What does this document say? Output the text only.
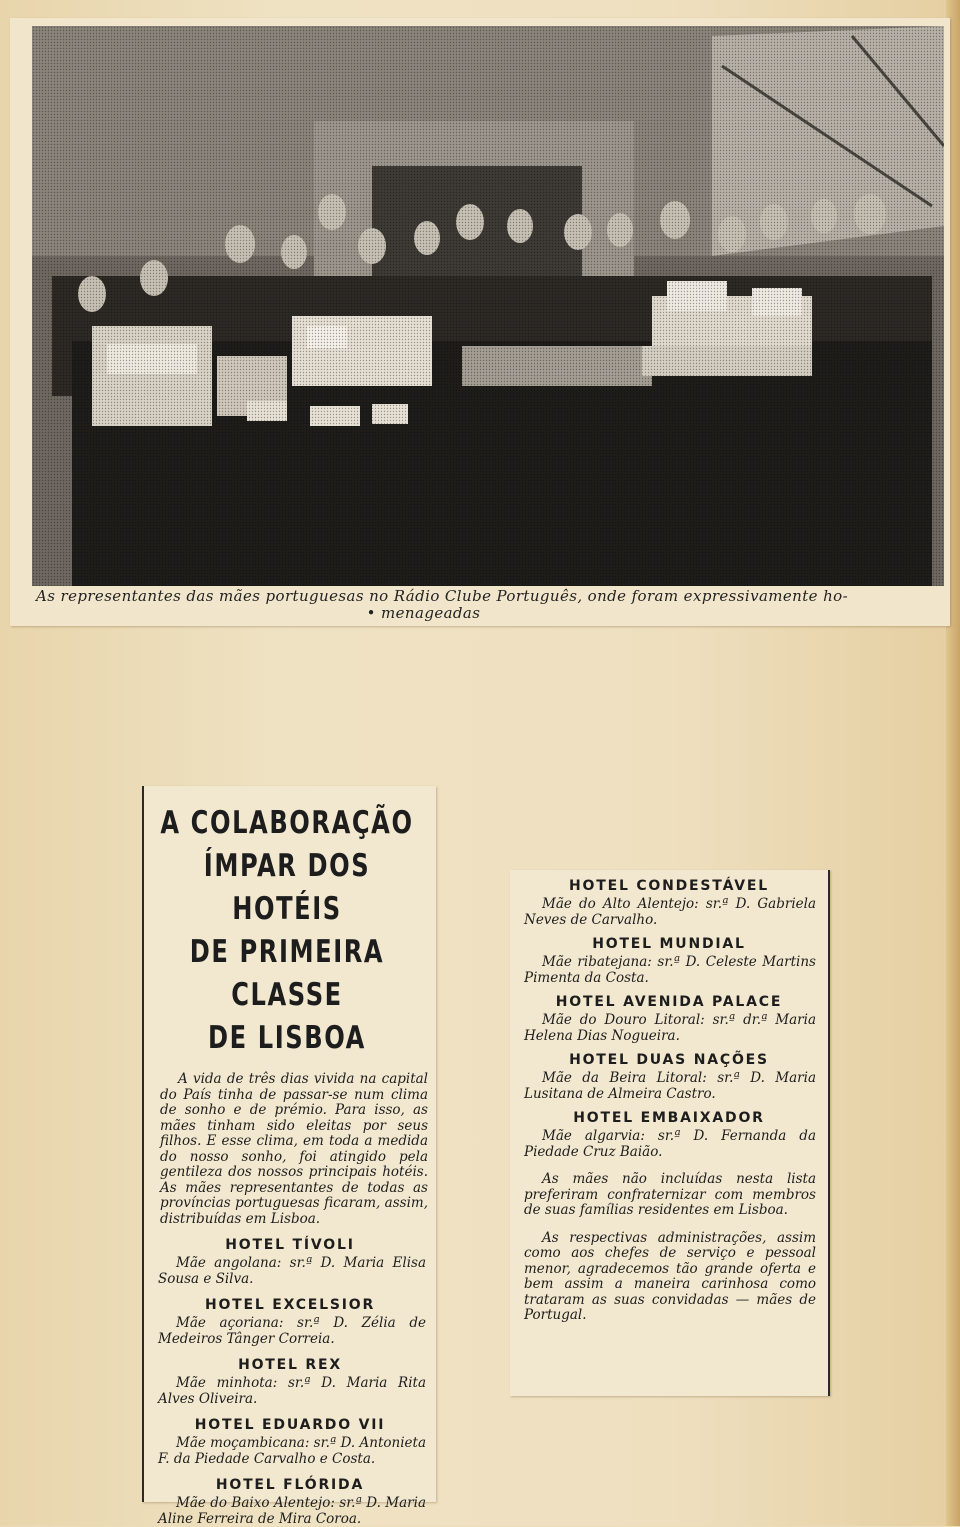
As representantes das mães portuguesas no Rádio Clube Português, onde foram expressivamente ho-
• menageadas
A COLABORAÇÃO
ÍMPAR DOS HOTÉIS
DE PRIMEIRA CLASSE
DE LISBOA
A vida de três dias vivida na capital do País tinha de passar-se num clima de sonho e de prémio. Para isso, as mães tinham sido eleitas por seus filhos. E esse clima, em toda a medida do nosso sonho, foi atingido pela gentileza dos nossos principais hotéis. As mães representantes de todas as províncias portuguesas ficaram, assim, distribuídas em Lisboa.
HOTEL TÍVOLI
Mãe angolana: sr.ª D. Maria Elisa Sousa e Silva.
HOTEL EXCELSIOR
Mãe açoriana: sr.ª D. Zélia de Medeiros Tânger Correia.
HOTEL REX
Mãe minhota: sr.ª D. Maria Rita Alves Oliveira.
HOTEL EDUARDO VII
Mãe moçambicana: sr.ª D. Antonieta F. da Piedade Carvalho e Costa.
HOTEL FLÓRIDA
Mãe do Baixo Alentejo: sr.ª D. Maria Aline Ferreira de Mira Coroa.
HOTEL CONDESTÁVEL
Mãe do Alto Alentejo: sr.ª D. Gabriela Neves de Carvalho.
HOTEL MUNDIAL
Mãe ribatejana: sr.ª D. Celeste Martins Pimenta da Costa.
HOTEL AVENIDA PALACE
Mãe do Douro Litoral: sr.ª dr.ª Maria Helena Dias Nogueira.
HOTEL DUAS NAÇÕES
Mãe da Beira Litoral: sr.ª D. Maria Lusitana de Almeira Castro.
HOTEL EMBAIXADOR
Mãe algarvia: sr.ª D. Fernanda da Piedade Cruz Baião.
As mães não incluídas nesta lista preferiram confraternizar com membros de suas famílias residentes em Lisboa.
As respectivas administrações, assim como aos chefes de serviço e pessoal menor, agradecemos tão grande oferta e bem assim a maneira carinhosa como trataram as suas convidadas — mães de Portugal.
